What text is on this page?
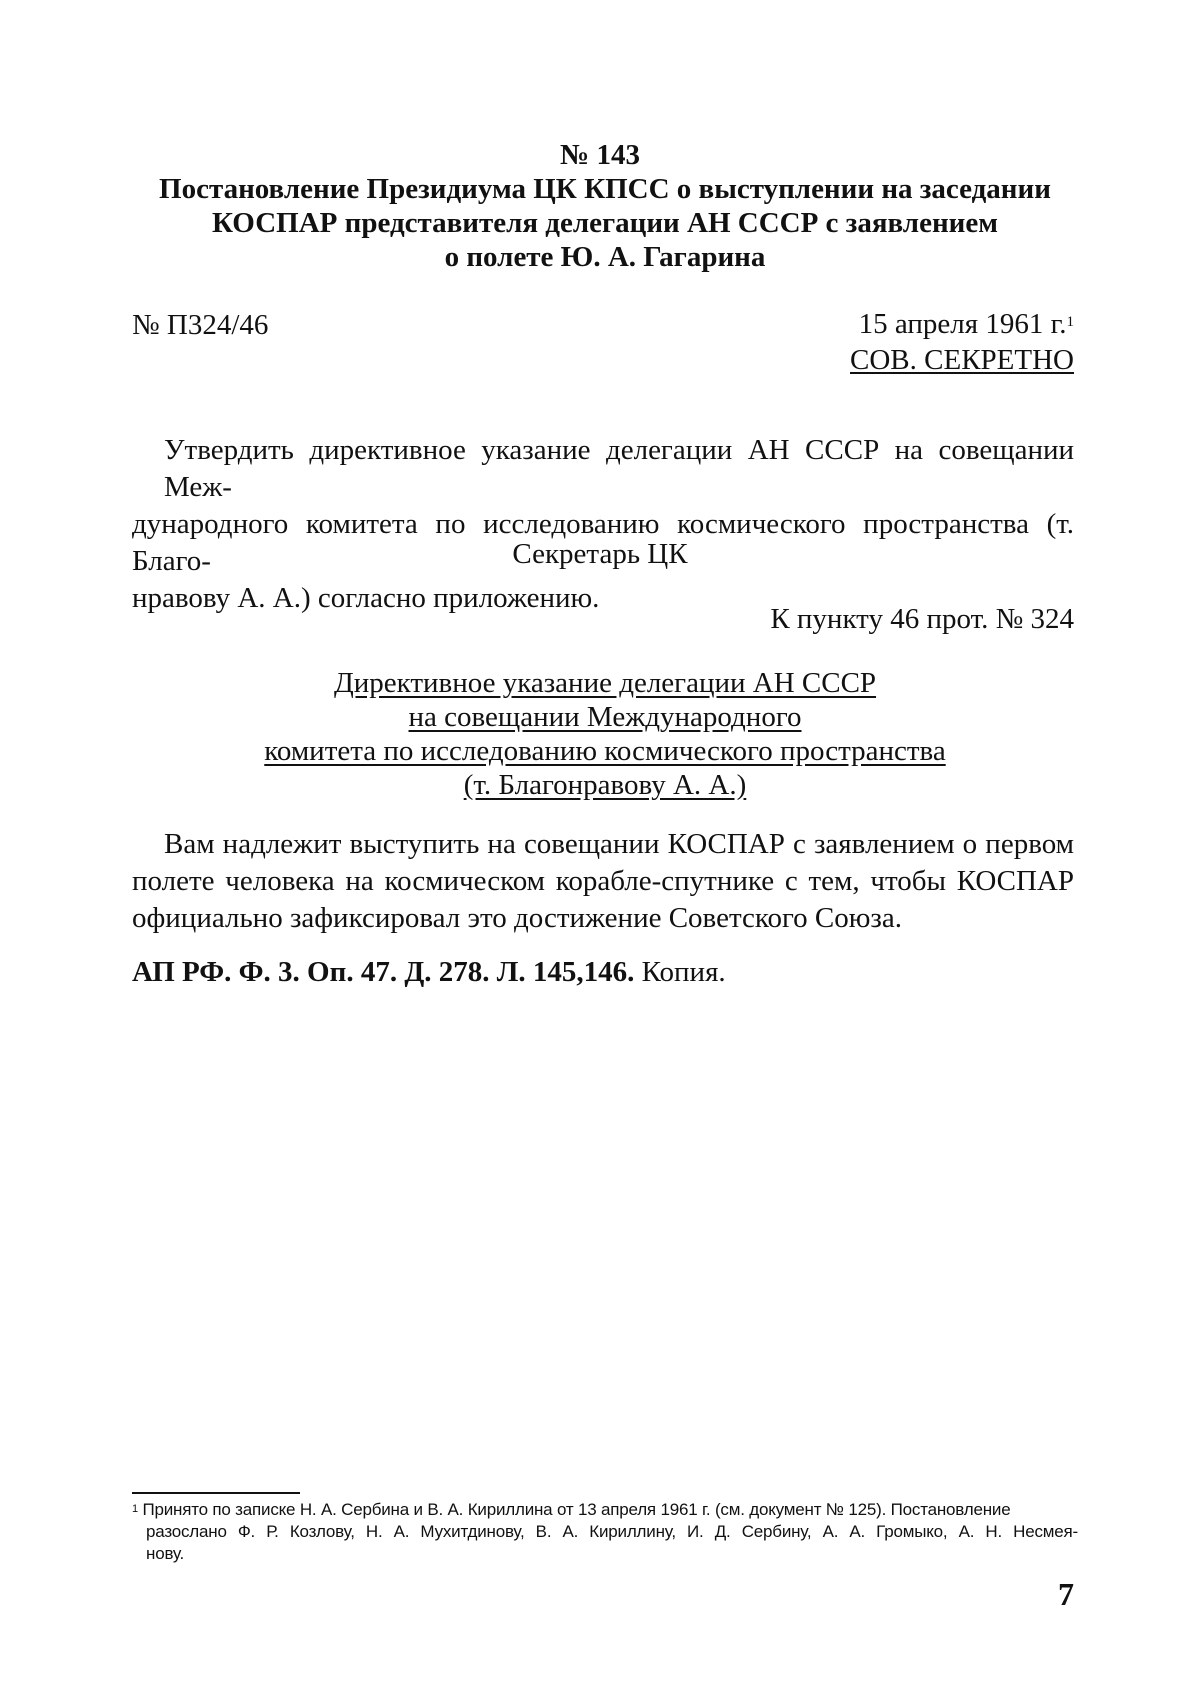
№ 143
Постановление Президиума ЦК КПСС о выступлении на заседании
КОСПАР представителя делегации АН СССР с заявлением
о полете Ю. А. Гагарина
№ П324/46	15 апреля 1961 г.$^1$
СОВ. СЕКРЕТНО
Утвердить директивное указание делегации АН СССР на совещании Меж-
дународного комитета по исследованию космического пространства (т. Благо-
нравову А. А.) согласно приложению.
Секретарь ЦК
К пункту 46 прот. № 324
Директивное указание делегации АН СССР
на совещании Международного
комитета по исследованию космического пространства
(т. Благонравову А. А.)
Вам надлежит выступить на совещании КОСПАР с заявлением о первом
полете человека на космическом корабле-спутнике с тем, чтобы КОСПАР
официально зафиксировал это достижение Советского Союза.
АП РФ. Ф. 3. Оп. 47. Д. 278. Л. 145,146. Копия.
$^1$ Принято по записке Н. А. Сербина и В. А. Кириллина от 13 апреля 1961 г. (см. документ № 125). Постановление
разослано Ф. Р. Козлову, Н. А. Мухитдинову, В. А. Кириллину, И. Д. Сербину, А. А. Громыко, А. Н. Несмея-
нову.
7
